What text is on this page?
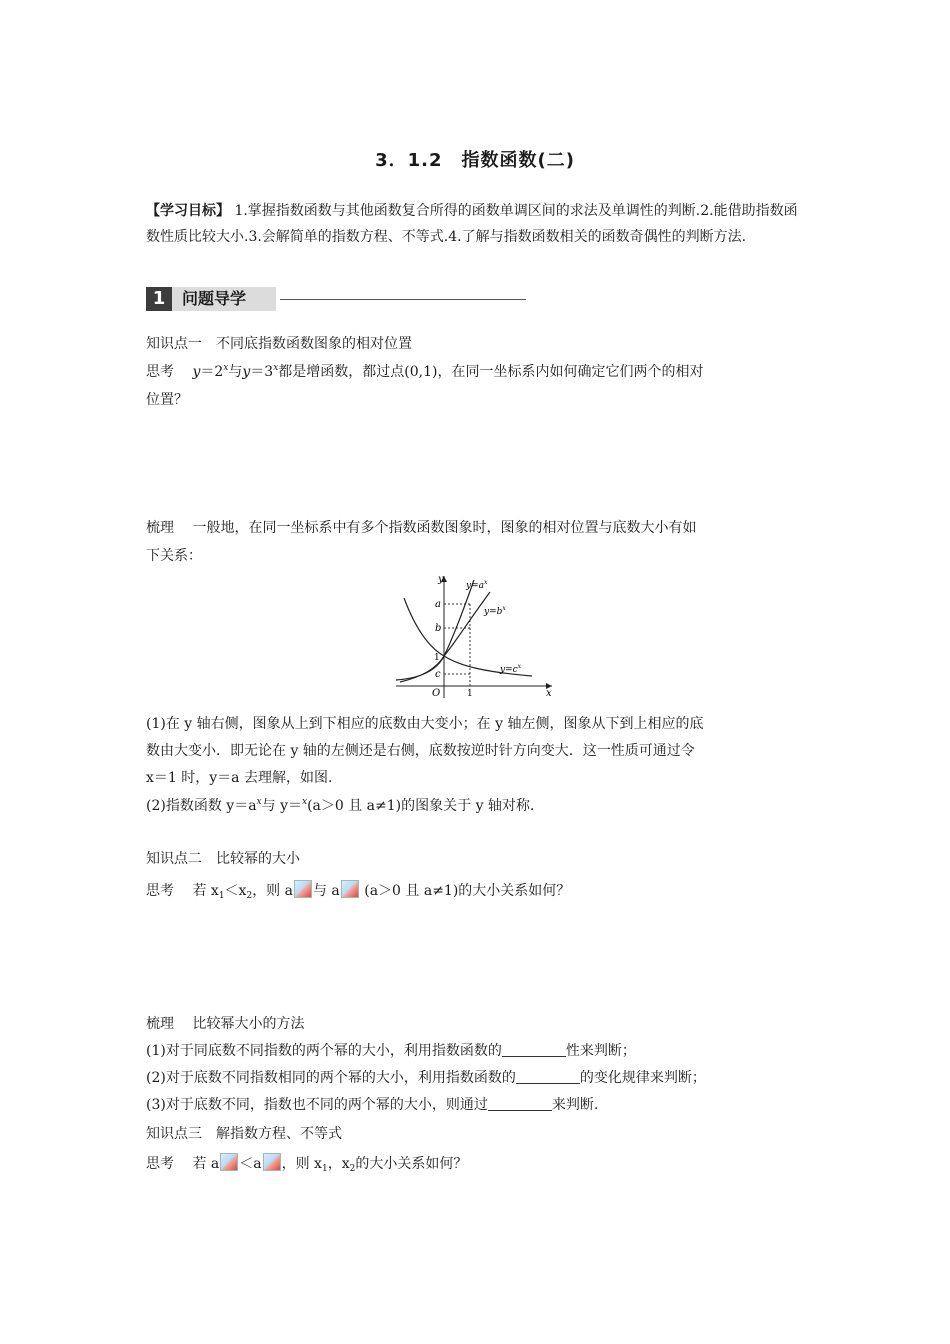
3．1.2　指数函数(二)
【学习目标】 1.掌握指数函数与其他函数复合所得的函数单调区间的求法及单调性的判断.2.能借助指数函数性质比较大小.3.会解简单的指数方程、不等式.4.了解与指数函数相关的函数奇偶性的判断方法.
1	问题导学
知识点一　不同底指数函数图象的相对位置
思考　 $y=2^x$与$y=3^x$都是增函数，都过点(0,1)，在同一坐标系内如何确定它们两个的相对
位置？
梳理　 一般地，在同一坐标系中有多个指数函数图象时，图象的相对位置与底数大小有如
下关系：
y
x
O	1
1
a
b
c
$y=a^x$
$y=b^x$
$y=c^x$
(1)在 y 轴右侧，图象从上到下相应的底数由大变小；在 y 轴左侧，图象从下到上相应的底
数由大变小．即无论在 y 轴的左侧还是右侧，底数按逆时针方向变大．这一性质可通过令
x＝1 时，y＝a 去理解，如图.
(2)指数函数 $y=a^x$与 y＝$^x$(a＞0 且 a≠1)的图象关于 y 轴对称.
知识点二　比较幂的大小
思考　 若 $x_1<x_2$，则 a 与 a (a＞0 且 a≠1)的大小关系如何？
梳理　 比较幂大小的方法
(1)对于同底数不同指数的两个幂的大小，利用指数函数的	性来判断；
(2)对于底数不同指数相同的两个幂的大小，利用指数函数的	的变化规律来判断；
(3)对于底数不同，指数也不同的两个幂的大小，则通过	来判断.
知识点三　解指数方程、不等式
思考　 若 a ＜a ，则 $x_1$，$x_2$的大小关系如何？
